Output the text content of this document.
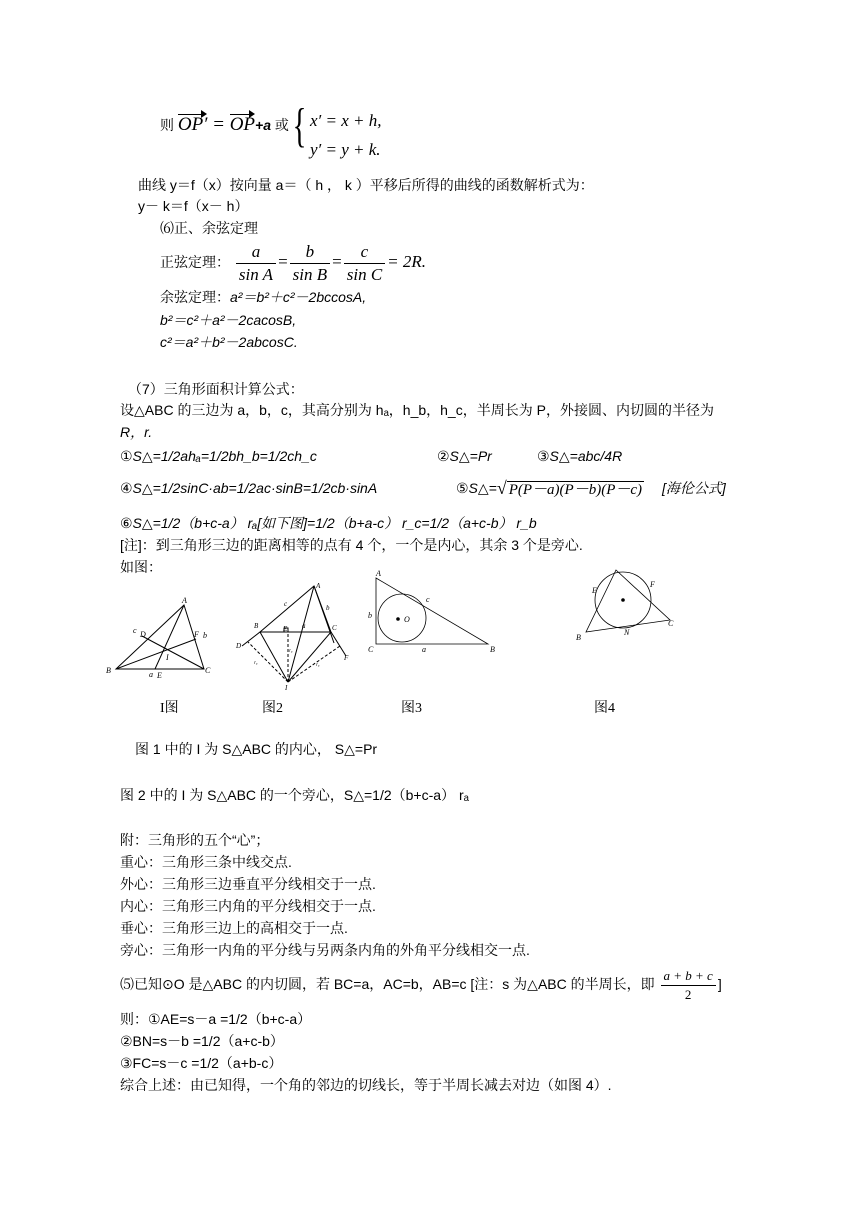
则 OP′ = OP+a 或 { x′ = x + h,
y′ = y + k.
曲线 y＝f（x）按向量 a＝（ h ， k ）平移后所得的曲线的函数解析式为：
y－ k＝f（x－ h）
⑹正、余弦定理
正弦定理： $\frac{a}{\text{sin A}} = \frac{b}{\text{sin B}} = \frac{c}{\text{sin C}} = 2R$.
余弦定理：a²＝b²＋c²－2bccosA,
b²＝c²＋a²－2cacosB,
c²＝a²＋b²－2abcosC.
（7）三角形面积计算公式：
设△ABC 的三边为 a，b，c，其高分别为 hₐ，h_b，h_c，半周长为 P，外接圆、内切圆的半径为
R，r.
①S△=1/2ahₐ=1/2bh_b=1/2ch_c	②S△=Pr	③S△=abc/4R
④S△=1/2sinC·ab=1/2ac·sinB=1/2cb·sinA	⑤S△=√ P(P－a)(P－b)(P－c) [海伦公式]
⑥S△=1/2（b+c-a） rₐ[如下图]=1/2（b+a-c） r_c=1/2（a+c-b） r_b
[注]：到三角形三边的距离相等的点有 4 个，一个是内心，其余 3 个是旁心.
如图：
A
B	C
D
E
F
I
a
b
c
A
B	C
D
E
F
I
a
b
c
rₐ
rₐ
rₐ
A
B
C
O
a
b
c
E
F
B
N
C
I图	图2	图3	图4
图 1 中的 I 为 S△ABC 的内心， S△=Pr
图 2 中的 I 为 S△ABC 的一个旁心，S△=1/2（b+c-a） rₐ
附：三角形的五个“心”；
重心：三角形三条中线交点.
外心：三角形三边垂直平分线相交于一点.
内心：三角形三内角的平分线相交于一点.
垂心：三角形三边上的高相交于一点.
旁心：三角形一内角的平分线与另两条内角的外角平分线相交一点.
⑸已知⊙O 是△ABC 的内切圆，若 BC=a，AC=b，AB=c [注：s 为△ABC 的半周长，即 $\frac{a + b + c}{2}$ ]
则：①AE=s－a =1/2（b+c-a）
②BN=s－b =1/2（a+c-b）
③FC=s－c =1/2（a+b-c）
综合上述：由已知得，一个角的邻边的切线长，等于半周长减去对边（如图 4）.
